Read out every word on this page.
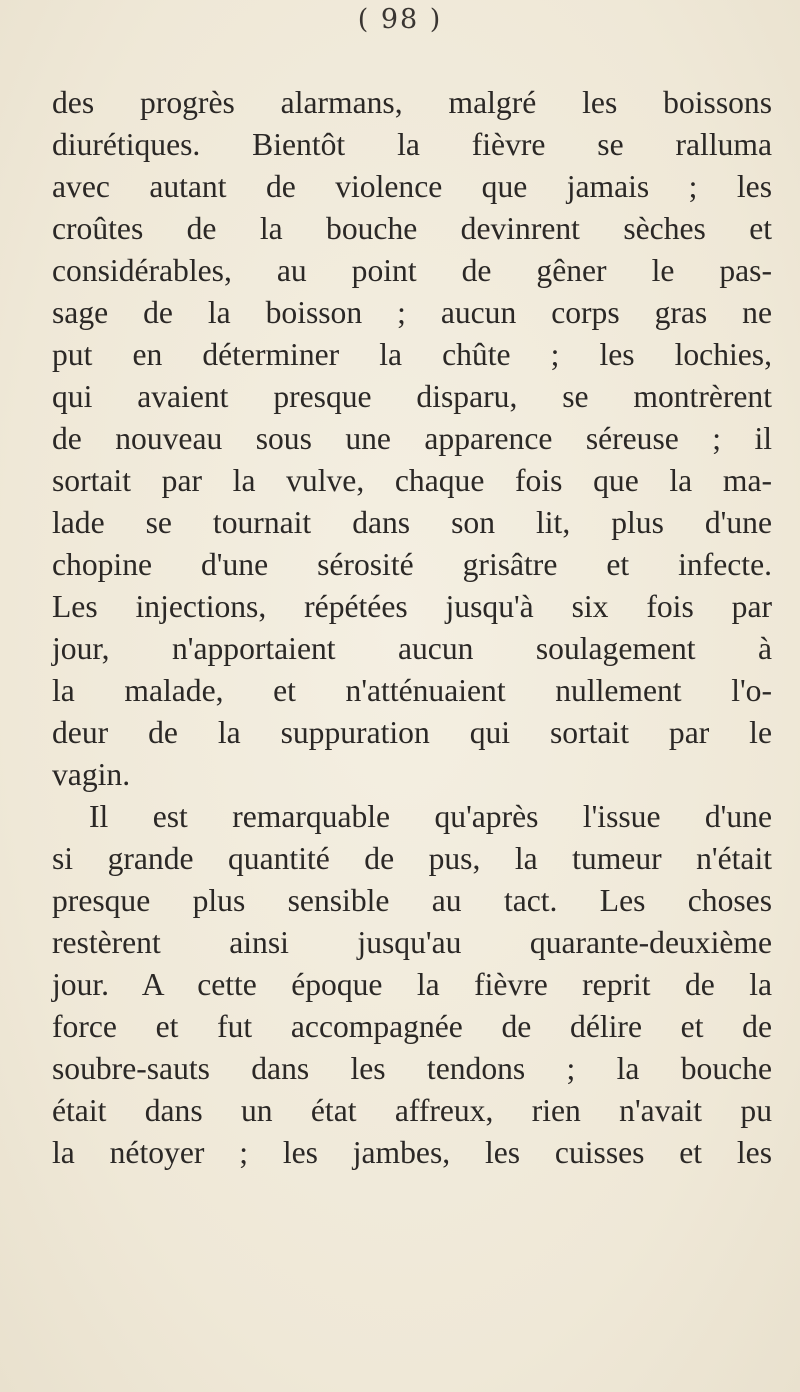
( 98 )
des progrès alarmans, malgré les boissons
diurétiques. Bientôt la fièvre se ralluma
avec autant de violence que jamais ; les
croûtes de la bouche devinrent sèches et
considérables, au point de gêner le pas-
sage de la boisson ; aucun corps gras ne
put en déterminer la chûte ; les lochies,
qui avaient presque disparu, se montrèrent
de nouveau sous une apparence séreuse ; il
sortait par la vulve, chaque fois que la ma-
lade se tournait dans son lit, plus d'une
chopine d'une sérosité grisâtre et infecte.
Les injections, répétées jusqu'à six fois par
jour, n'apportaient aucun soulagement à
la malade, et n'atténuaient nullement l'o-
deur de la suppuration qui sortait par le
vagin.
Il est remarquable qu'après l'issue d'une
si grande quantité de pus, la tumeur n'était
presque plus sensible au tact. Les choses
restèrent ainsi jusqu'au quarante-deuxième
jour. A cette époque la fièvre reprit de la
force et fut accompagnée de délire et de
soubre-sauts dans les tendons ; la bouche
était dans un état affreux, rien n'avait pu
la nétoyer ; les jambes, les cuisses et les
